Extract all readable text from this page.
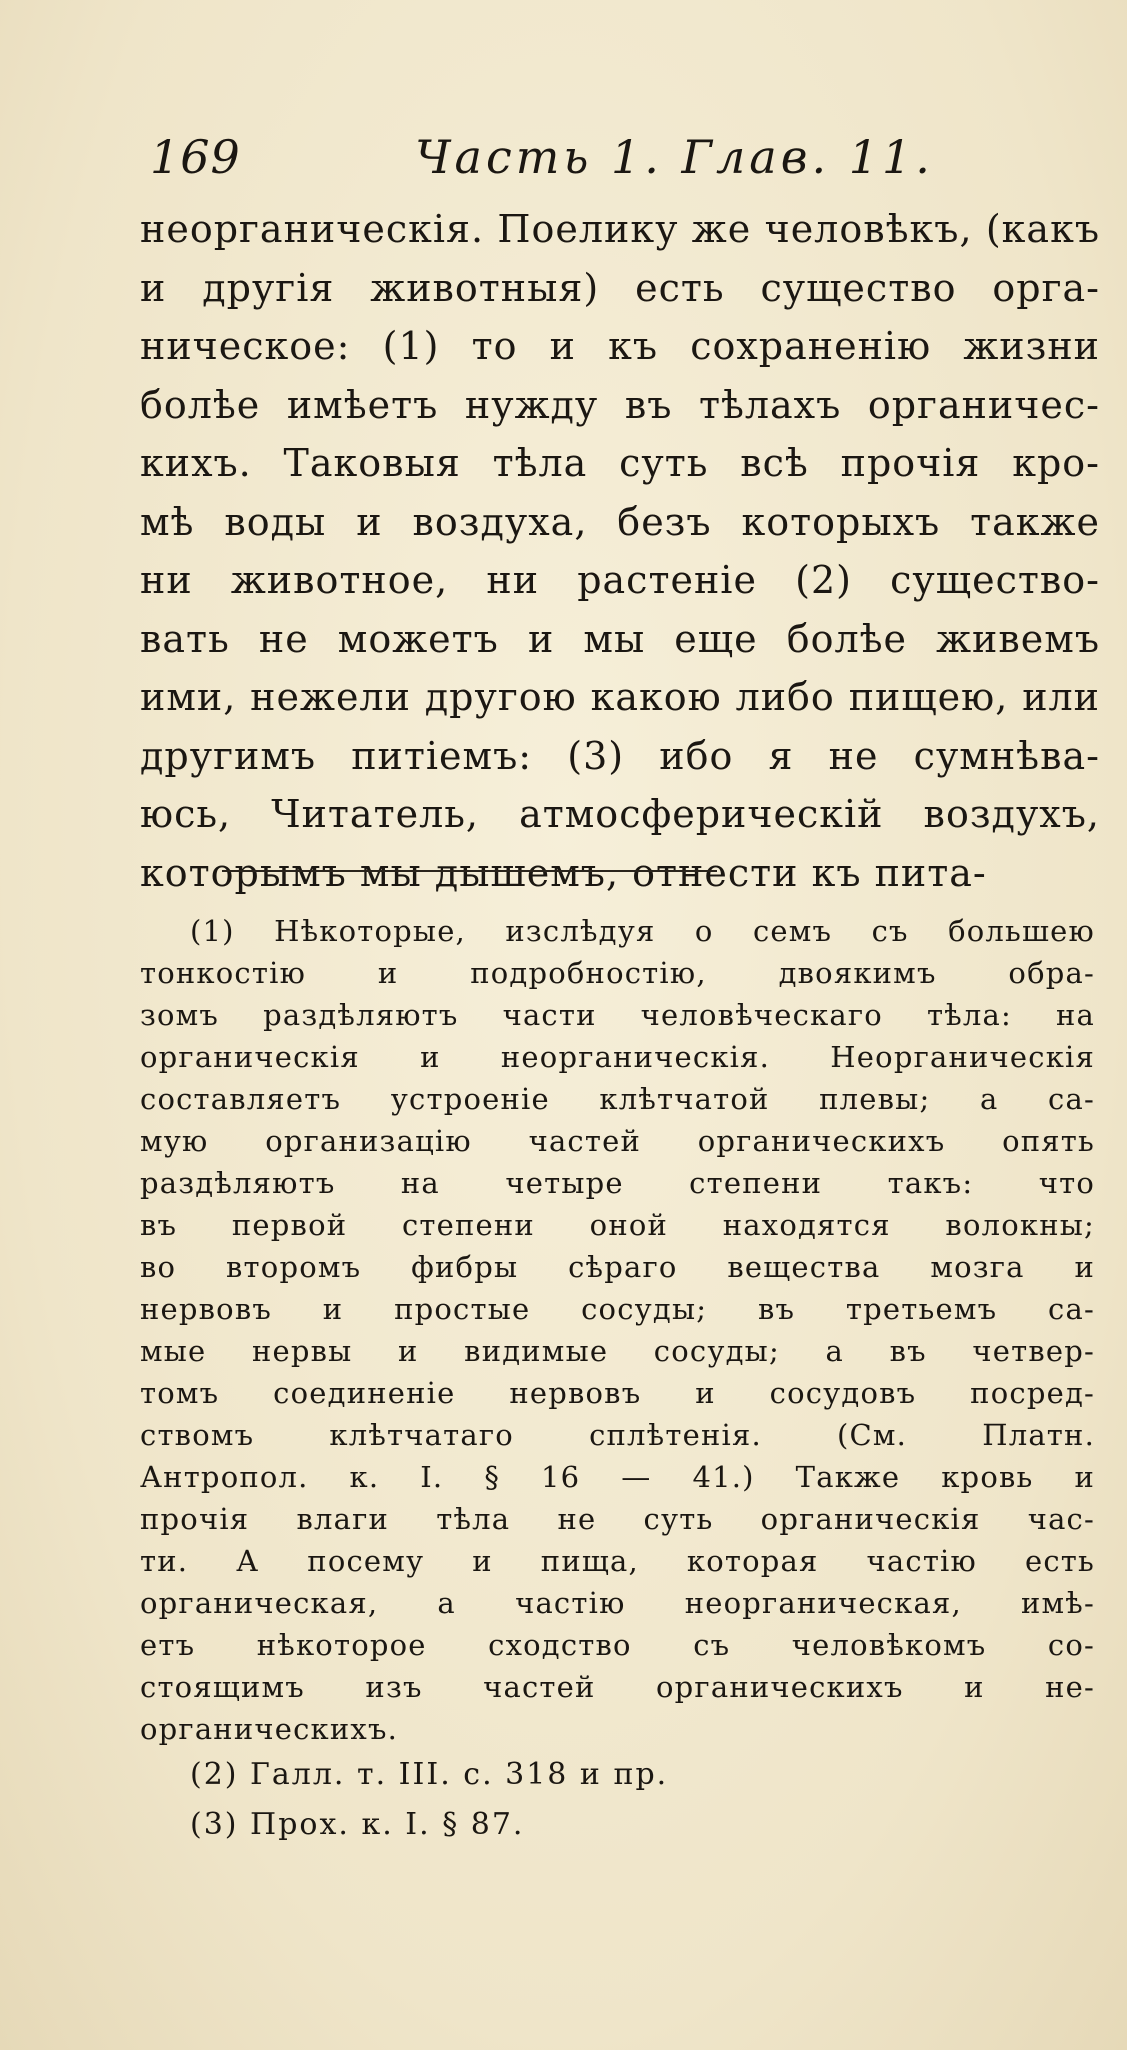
169	Часть 1. Глав. 11.
неорганическія. Поелику же человѣкъ, (какъ
и другія животныя) есть существо орга-
ническое: (1) то и къ сохраненію жизни
болѣе имѣетъ нужду въ тѣлахъ органичес-
кихъ. Таковыя тѣла суть всѣ прочія кро-
мѣ воды и воздуха, безъ которыхъ также
ни животное, ни растеніе (2) существо-
вать не можетъ и мы еще болѣе живемъ
ими, нежели другою какою либо пищею, или
другимъ питіемъ: (3) ибо я не сумнѣва-
юсь, Читатель, атмосферическій воздухъ,
которымъ мы дышемъ, отнести къ пита-
(1) Нѣкоторые, изслѣдуя о семъ съ большею
тонкостію и подробностію, двоякимъ обра-
зомъ раздѣляютъ части человѣческаго тѣла: на
органическія и неорганическія. Неорганическія
составляетъ устроеніе клѣтчатой плевы; а са-
мую организацію частей органическихъ опять
раздѣляютъ на четыре степени такъ: что
въ первой степени оной находятся волокны;
во второмъ фибры сѣраго вещества мозга и
нервовъ и простые сосуды; въ третьемъ са-
мые нервы и видимые сосуды; а въ четвер-
томъ соединеніе нервовъ и сосудовъ посред-
ствомъ клѣтчатаго сплѣтенія. (См. Платн.
Антропол. к. I. § 16 — 41.) Также кровь и
прочія влаги тѣла не суть органическія час-
ти. А посему и пища, которая частію есть
органическая, а частію неорганическая, имѣ-
етъ нѣкоторое сходство съ человѣкомъ со-
стоящимъ изъ частей органическихъ и не-
органическихъ.
(2) Галл. т. III. с. 318 и пр.
(3) Прох. к. I. § 87.
